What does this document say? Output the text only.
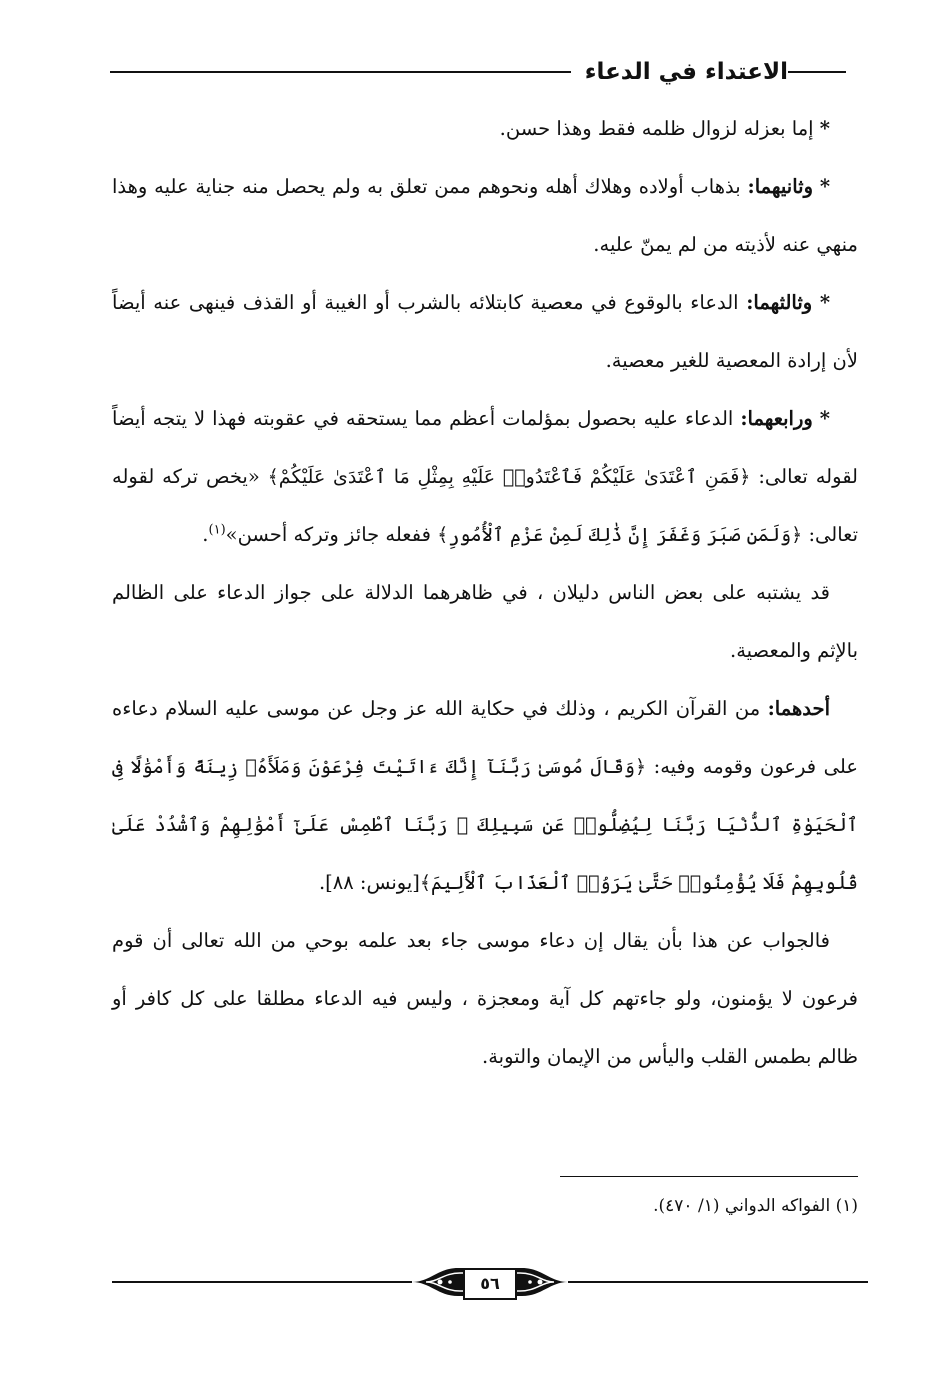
الاعتداء في الدعاء

* إما بعزله لزوال ظلمه فقط وهذا حسن.

* وثانيهما: بذهاب أولاده وهلاك أهله ونحوهم ممن تعلق به ولم يحصل منه جناية عليه وهذا منهي عنه لأذيته من لم يمنّ عليه.

* وثالثهما: الدعاء بالوقوع في معصية كابتلائه بالشرب أو الغيبة أو القذف فينهى عنه أيضاً لأن إرادة المعصية للغير معصية.

* ورابعهما: الدعاء عليه بحصول بمؤلمات أعظم مما يستحقه في عقوبته فهذا لا يتجه أيضاً لقوله تعالى: ﴿فَمَنِ ٱعْتَدَىٰ عَلَيْكُمْ فَٱعْتَدُوا۟ عَلَيْهِ بِمِثْلِ مَا ٱعْتَدَىٰ عَلَيْكُمْ﴾ «يخص تركه لقوله تعالى: ﴿وَلَمَن صَبَرَ وَغَفَرَ إِنَّ ذَٰلِكَ لَمِنْ عَزْمِ ٱلْأُمُورِ﴾ ففعله جائز وتركه أحسن»$^{(١)}$.

قد يشتبه على بعض الناس دليلان ، في ظاهرهما الدلالة على جواز الدعاء على الظالم بالإثم والمعصية.

أحدهما: من القرآن الكريم ، وذلك في حكاية الله عز وجل عن موسى عليه السلام دعاءه على فرعون وقومه وفيه: ﴿وَقَالَ مُوسَىٰ رَبَّنَآ إِنَّكَ ءَاتَيْتَ فِرْعَوْنَ وَمَلَأَهُۥ زِينَةً وَأَمْوَٰلًا فِى ٱلْحَيَوٰةِ ٱلدُّنْيَا رَبَّنَا لِيُضِلُّوا۟ عَن سَبِيلِكَ ۖ رَبَّنَا ٱطْمِسْ عَلَىٰٓ أَمْوَٰلِهِمْ وَٱشْدُدْ عَلَىٰ قُلُوبِهِمْ فَلَا يُؤْمِنُوا۟ حَتَّىٰ يَرَوُا۟ ٱلْعَذَابَ ٱلْأَلِيمَ﴾[يونس: ٨٨].

فالجواب عن هذا بأن يقال إن دعاء موسى جاء بعد علمه بوحي من الله تعالى أن قوم فرعون لا يؤمنون، ولو جاءتهم كل آية ومعجزة ، وليس فيه الدعاء مطلقا على كل كافر أو ظالم بطمس القلب واليأس من الإيمان والتوبة.

(١) الفواكه الدواني (١/ ٤٧٠).
٥٦
